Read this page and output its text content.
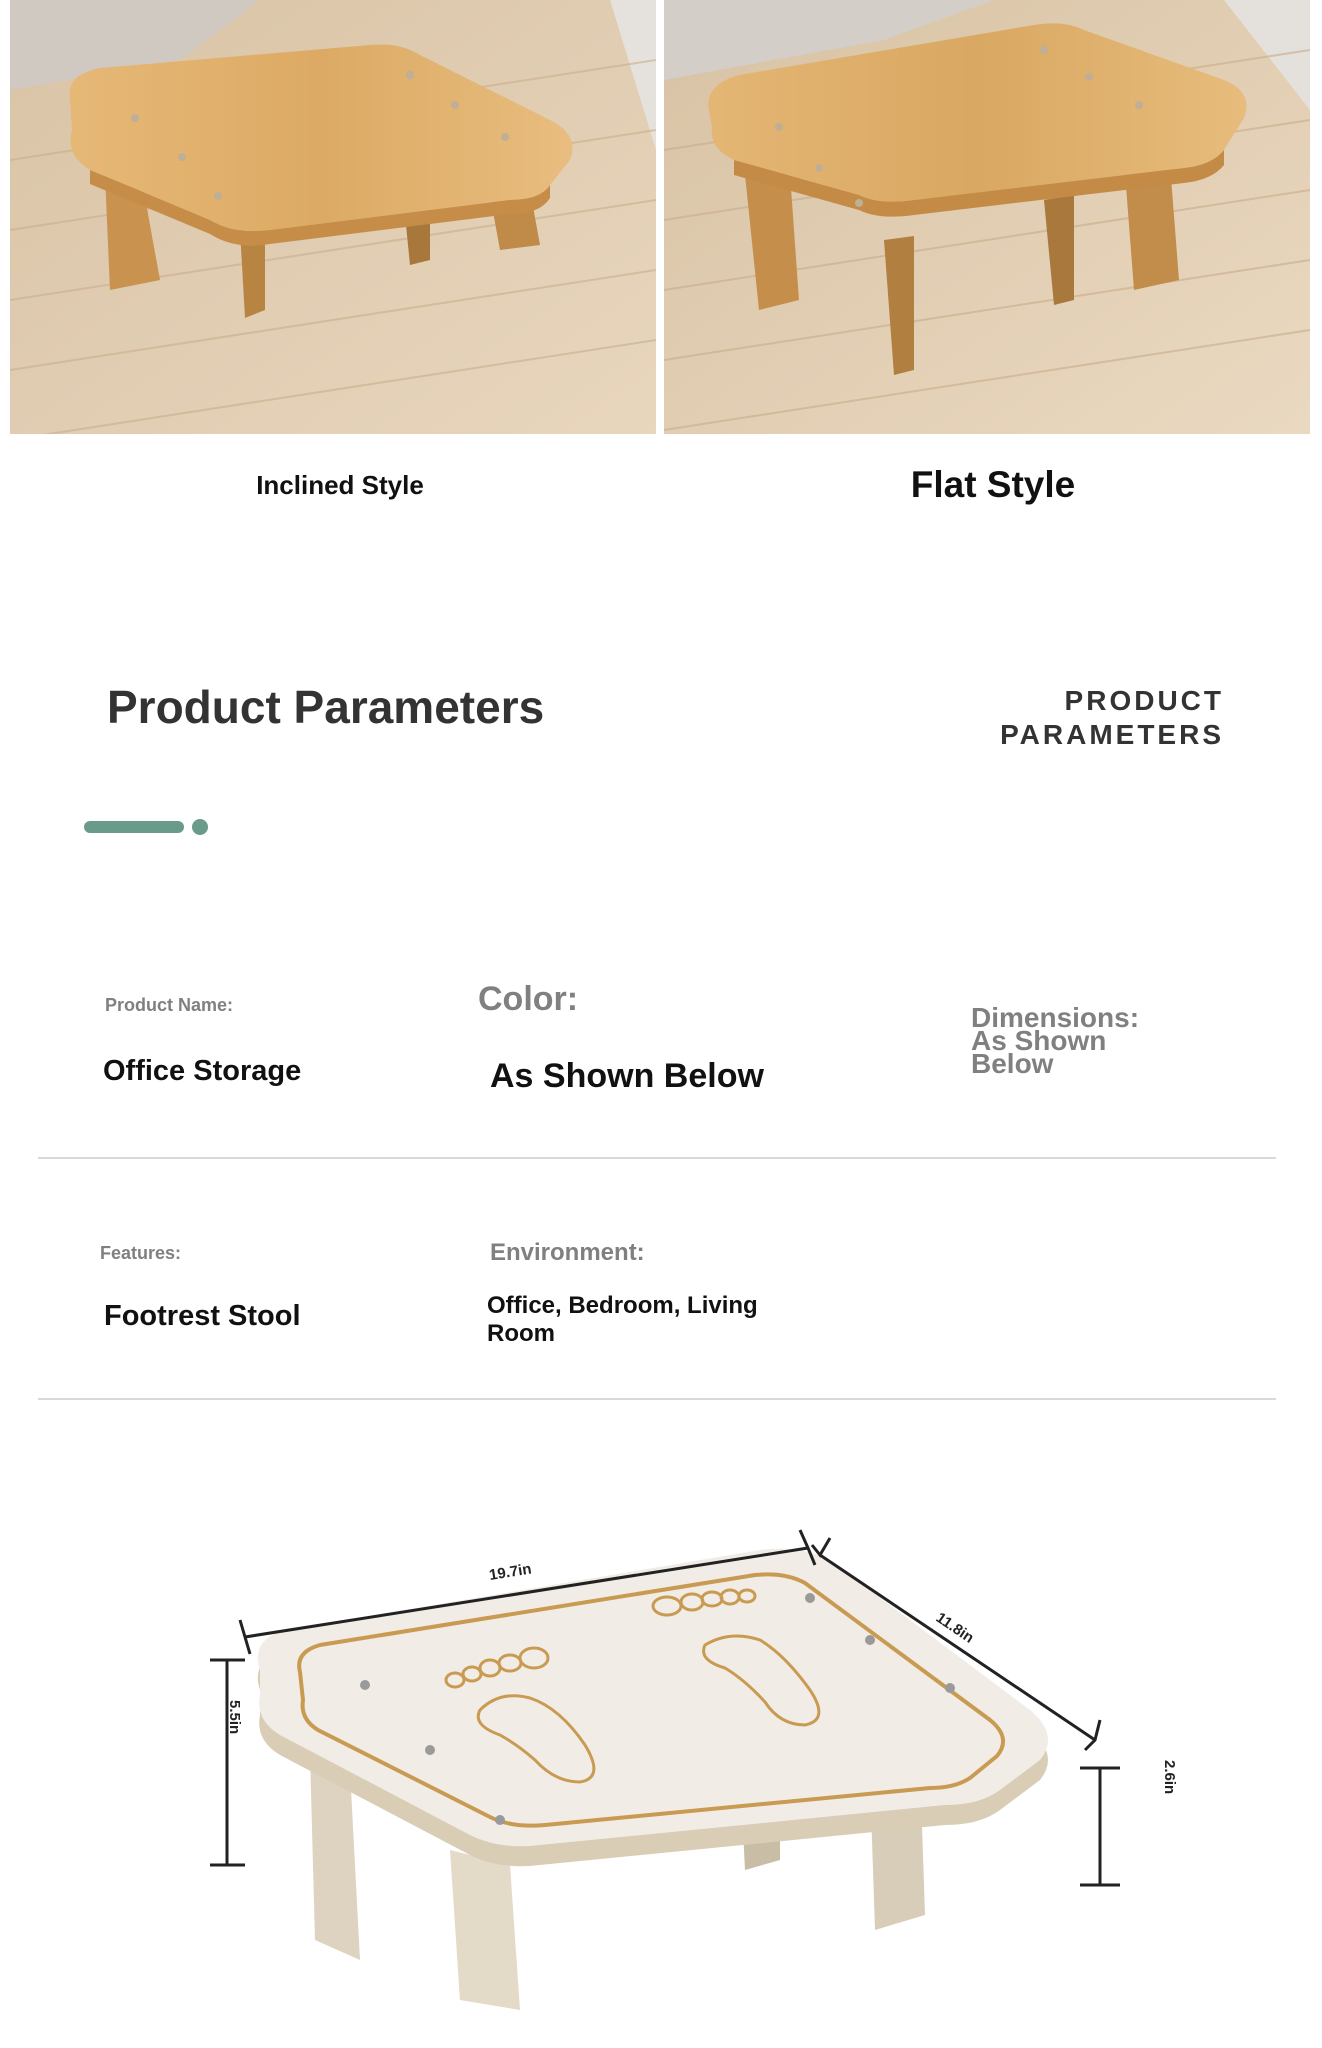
Inclined Style	Flat Style
Product Parameters	PRODUCT
PARAMETERS
Product Name:
Office Storage
Color:
As Shown Below
Dimensions: As Shown Below
Features:
Footrest Stool
Environment:
Office, Bedroom, Living Room
19.7in
11.8in
5.5in
2.6in
